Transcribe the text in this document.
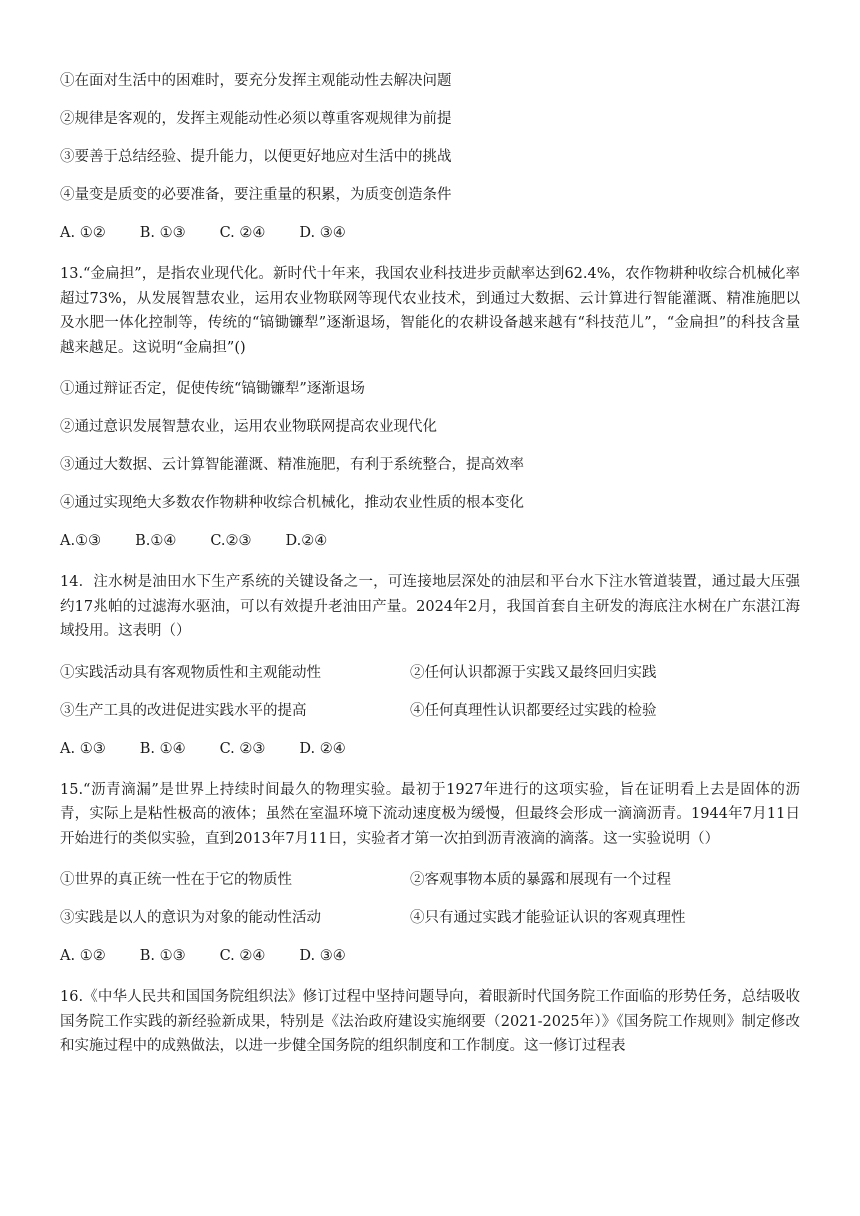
①在面对生活中的困难时，要充分发挥主观能动性去解决问题
②规律是客观的，发挥主观能动性必须以尊重客观规律为前提
③要善于总结经验、提升能力，以便更好地应对生活中的挑战
④量变是质变的必要准备，要注重量的积累，为质变创造条件
A. ①② B. ①③ C. ②④ D. ③④
13.“金扁担”，是指农业现代化。新时代十年来，我国农业科技进步贡献率达到62.4%，农作物耕种收综合机械化率超过73%，从发展智慧农业，运用农业物联网等现代农业技术，到通过大数据、云计算进行智能灌溉、精准施肥以及水肥一体化控制等，传统的“镐锄镰犁”逐渐退场，智能化的农耕设备越来越有“科技范儿”，“金扁担”的科技含量越来越足。这说明“金扁担”()
①通过辩证否定，促使传统“镐锄镰犁”逐渐退场
②通过意识发展智慧农业，运用农业物联网提高农业现代化
③通过大数据、云计算智能灌溉、精准施肥，有利于系统整合，提高效率
④通过实现绝大多数农作物耕种收综合机械化，推动农业性质的根本变化
A.①③ B.①④ C.②③ D.②④
14．注水树是油田水下生产系统的关键设备之一，可连接地层深处的油层和平台水下注水管道装置，通过最大压强约17兆帕的过滤海水驱油，可以有效提升老油田产量。2024年2月，我国首套自主研发的海底注水树在广东湛江海域投用。这表明（）
①实践活动具有客观物质性和主观能动性	②任何认识都源于实践又最终回归实践
③生产工具的改进促进实践水平的提高	④任何真理性认识都要经过实践的检验
A. ①③ B. ①④ C. ②③ D. ②④
15.“沥青滴漏”是世界上持续时间最久的物理实验。最初于1927年进行的这项实验，旨在证明看上去是固体的沥青，实际上是粘性极高的液体；虽然在室温环境下流动速度极为缓慢，但最终会形成一滴滴沥青。1944年7月11日开始进行的类似实验，直到2013年7月11日，实验者才第一次拍到沥青液滴的滴落。这一实验说明（）
①世界的真正统一性在于它的物质性	②客观事物本质的暴露和展现有一个过程
③实践是以人的意识为对象的能动性活动	④只有通过实践才能验证认识的客观真理性
A. ①② B. ①③ C. ②④ D. ③④
16.《中华人民共和国国务院组织法》修订过程中坚持问题导向，着眼新时代国务院工作面临的形势任务，总结吸收国务院工作实践的新经验新成果，特别是《法治政府建设实施纲要（2021-2025年）》《国务院工作规则》制定修改和实施过程中的成熟做法，以进一步健全国务院的组织制度和工作制度。这一修订过程表
